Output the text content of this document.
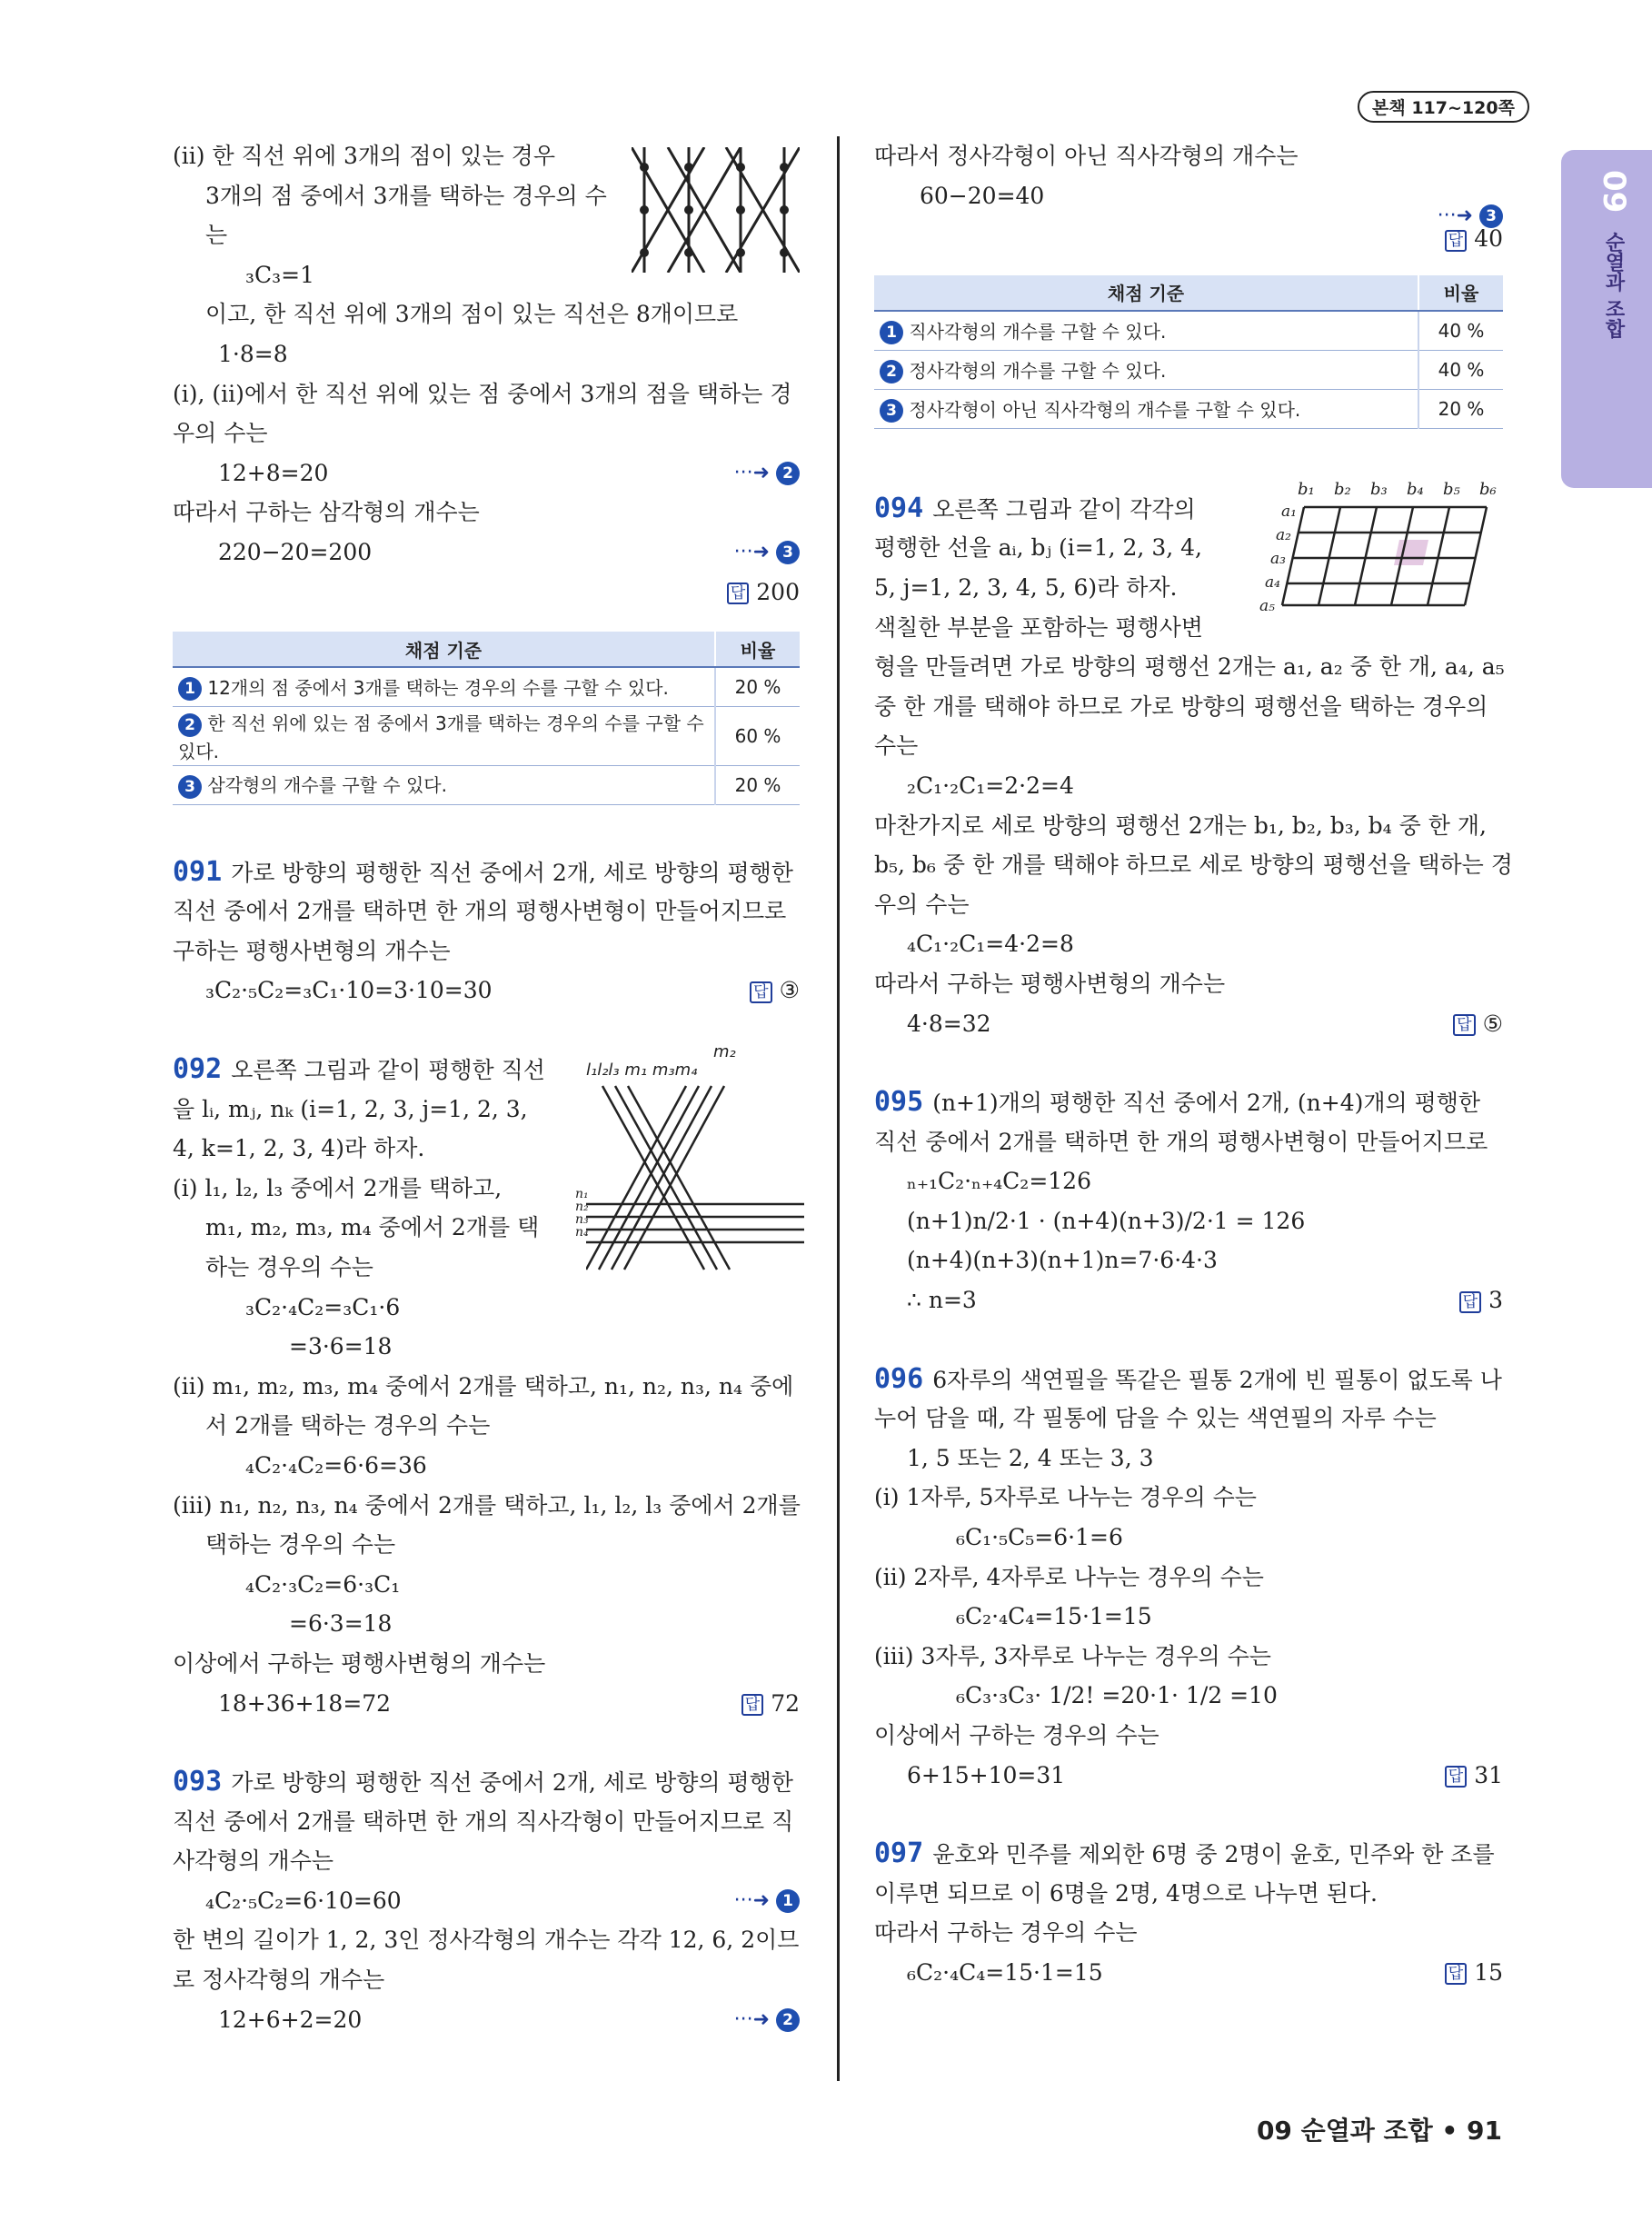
본책 117~120쪽
09
순열과 조합
(ii) 한 직선 위에 3개의 점이 있는 경우
3개의 점 중에서 3개를 택하는 경우의 수
는
₃C₃=1
이고, 한 직선 위에 3개의 점이 있는 직선은 8개이므로
1·8=8
(i), (ii)에서 한 직선 위에 있는 점 중에서 3개의 점을 택하는 경
우의 수는
12+8=20	···➜ 2
따라서 구하는 삼각형의 개수는
220−20=200	···➜ 3
답 200
채점 기준	비율
1 12개의 점 중에서 3개를 택하는 경우의 수를 구할 수 있다.	20 %
2 한 직선 위에 있는 점 중에서 3개를 택하는 경우의 수를 구할 수 있다.	60 %
3 삼각형의 개수를 구할 수 있다.	20 %
091 가로 방향의 평행한 직선 중에서 2개, 세로 방향의 평행한
직선 중에서 2개를 택하면 한 개의 평행사변형이 만들어지므로
구하는 평행사변형의 개수는
₃C₂·₅C₂=₃C₁·10=3·10=30	답 ③
m₂
l₁l₂l₃ m₁ m₃m₄
n₁
n₂
n₃
n₄
092 오른쪽 그림과 같이 평행한 직선
을 lᵢ, mⱼ, nₖ (i=1, 2, 3, j=1, 2, 3,
4, k=1, 2, 3, 4)라 하자.
(i) l₁, l₂, l₃ 중에서 2개를 택하고,
m₁, m₂, m₃, m₄ 중에서 2개를 택
하는 경우의 수는
₃C₂·₄C₂=₃C₁·6
=3·6=18
(ii) m₁, m₂, m₃, m₄ 중에서 2개를 택하고, n₁, n₂, n₃, n₄ 중에
서 2개를 택하는 경우의 수는
₄C₂·₄C₂=6·6=36
(iii) n₁, n₂, n₃, n₄ 중에서 2개를 택하고, l₁, l₂, l₃ 중에서 2개를
택하는 경우의 수는
₄C₂·₃C₂=6·₃C₁
=6·3=18
이상에서 구하는 평행사변형의 개수는
18+36+18=72	답 72
093 가로 방향의 평행한 직선 중에서 2개, 세로 방향의 평행한
직선 중에서 2개를 택하면 한 개의 직사각형이 만들어지므로 직
사각형의 개수는
₄C₂·₅C₂=6·10=60	···➜ 1
한 변의 길이가 1, 2, 3인 정사각형의 개수는 각각 12, 6, 2이므
로 정사각형의 개수는
12+6+2=20	···➜ 2
따라서 정사각형이 아닌 직사각형의 개수는
60−20=40
···➜ 3
답 40
채점 기준	비율
1 직사각형의 개수를 구할 수 있다.	40 %
2 정사각형의 개수를 구할 수 있다.	40 %
3 정사각형이 아닌 직사각형의 개수를 구할 수 있다.	20 %
b₁ b₂ b₃ b₄ b₅ b₆
a₁
a₂
a₃
a₄
a₅
094 오른쪽 그림과 같이 각각의
평행한 선을 aᵢ, bⱼ (i=1, 2, 3, 4,
5, j=1, 2, 3, 4, 5, 6)라 하자.
색칠한 부분을 포함하는 평행사변
형을 만들려면 가로 방향의 평행선 2개는 a₁, a₂ 중 한 개, a₄, a₅
중 한 개를 택해야 하므로 가로 방향의 평행선을 택하는 경우의
수는
₂C₁·₂C₁=2·2=4
마찬가지로 세로 방향의 평행선 2개는 b₁, b₂, b₃, b₄ 중 한 개,
b₅, b₆ 중 한 개를 택해야 하므로 세로 방향의 평행선을 택하는 경
우의 수는
₄C₁·₂C₁=4·2=8
따라서 구하는 평행사변형의 개수는
4·8=32	답 ⑤
095 (n+1)개의 평행한 직선 중에서 2개, (n+4)개의 평행한
직선 중에서 2개를 택하면 한 개의 평행사변형이 만들어지므로
ₙ₊₁C₂·ₙ₊₄C₂=126
(n+1)n/2·1 · (n+4)(n+3)/2·1 = 126
(n+4)(n+3)(n+1)n=7·6·4·3
∴ n=3	답 3
096 6자루의 색연필을 똑같은 필통 2개에 빈 필통이 없도록 나
누어 담을 때, 각 필통에 담을 수 있는 색연필의 자루 수는
1, 5 또는 2, 4 또는 3, 3
(i) 1자루, 5자루로 나누는 경우의 수는
₆C₁·₅C₅=6·1=6
(ii) 2자루, 4자루로 나누는 경우의 수는
₆C₂·₄C₄=15·1=15
(iii) 3자루, 3자루로 나누는 경우의 수는
₆C₃·₃C₃· 1/2! =20·1· 1/2 =10
이상에서 구하는 경우의 수는
6+15+10=31	답 31
097 윤호와 민주를 제외한 6명 중 2명이 윤호, 민주와 한 조를
이루면 되므로 이 6명을 2명, 4명으로 나누면 된다.
따라서 구하는 경우의 수는
₆C₂·₄C₄=15·1=15	답 15
09 순열과 조합 • 91
